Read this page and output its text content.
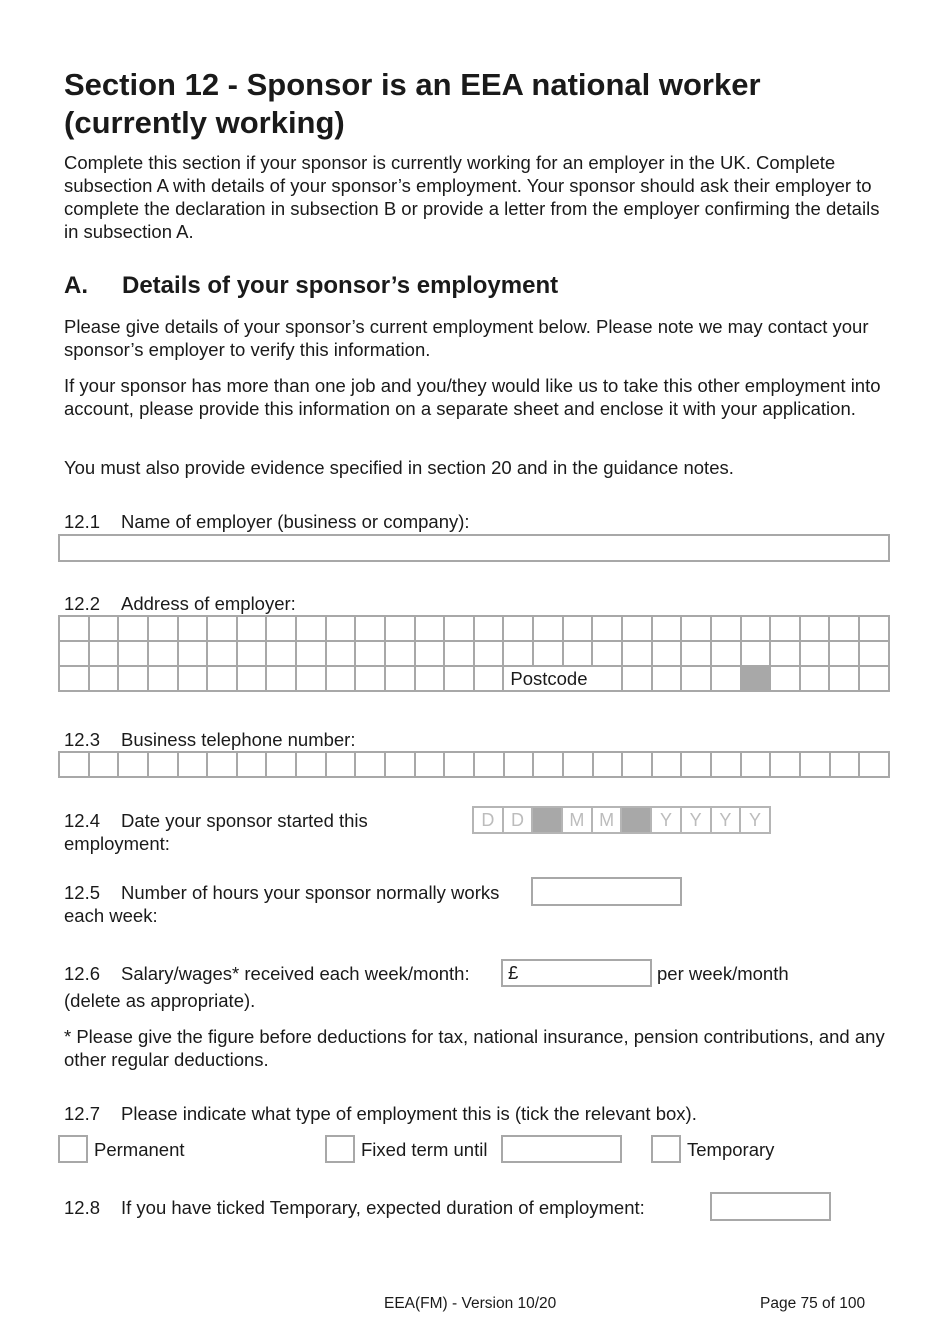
Section 12 - Sponsor is an EEA national worker (currently working)

Complete this section if your sponsor is currently working for an employer in the UK. Complete subsection A with details of your sponsor’s employment. Your sponsor should ask their employer to complete the declaration in subsection B or provide a letter from the employer confirming the details in subsection A.

A. Details of your sponsor’s employment

Please give details of your sponsor’s current employment below. Please note we may contact your sponsor’s employer to verify this information.

If your sponsor has more than one job and you/they would like us to take this other employment into account, please provide this information on a separate sheet and enclose it with your application.

You must also provide evidence specified in section 20 and in the guidance notes.

12.1 Name of employer (business or company):
12.2 Address of employer:

															Postcode												
12.3 Business telephone number:

12.4 Date your sponsor started this employment:
D	D		M	M		Y	Y	Y	Y
12.5 Number of hours your sponsor normally works each week:
12.6 Salary/wages* received each week/month:
(delete as appropriate).
£	per week/month

* Please give the figure before deductions for tax, national insurance, pension contributions, and any other regular deductions.

12.7 Please indicate what type of employment this is (tick the relevant box).
Permanent	Fixed term until	Temporary
12.8 If you have ticked Temporary, expected duration of employment:
EEA(FM) - Version 10/20	Page 75 of 100
